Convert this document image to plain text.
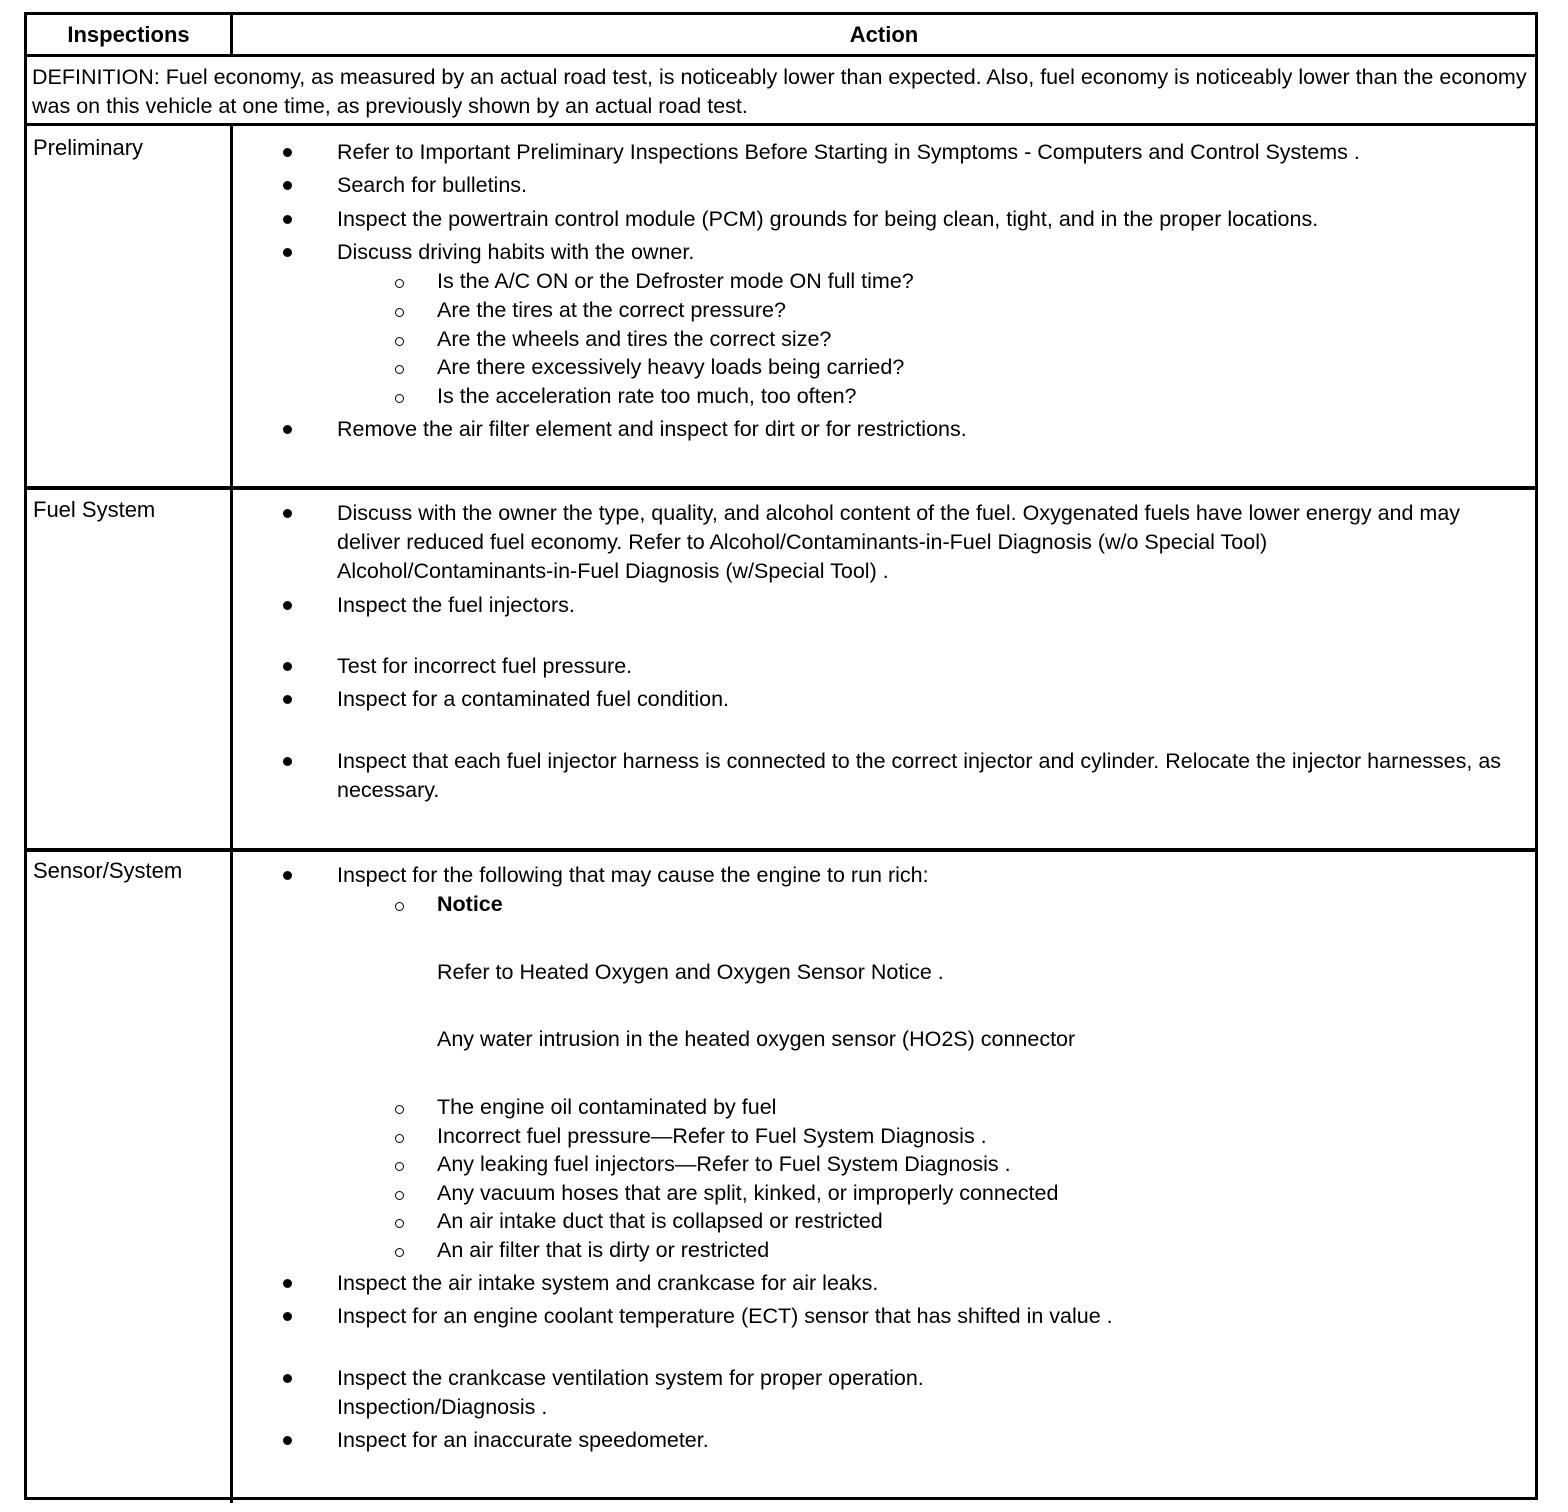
Inspections	Action
DEFINITION: Fuel economy, as measured by an actual road test, is noticeably lower than expected. Also, fuel economy is noticeably lower than the economy was on this vehicle at one time, as previously shown by an actual road test.
Preliminary	Refer to Important Preliminary Inspections Before Starting in Symptoms - Computers and Control Systems .
Search for bulletins.
Inspect the powertrain control module (PCM) grounds for being clean, tight, and in the proper locations.
Discuss driving habits with the owner.
Is the A/C ON or the Defroster mode ON full time?
Are the tires at the correct pressure?
Are the wheels and tires the correct size?
Are there excessively heavy loads being carried?
Is the acceleration rate too much, too often?
Remove the air filter element and inspect for dirt or for restrictions.
Fuel System	Discuss with the owner the type, quality, and alcohol content of the fuel. Oxygenated fuels have lower energy and may deliver reduced fuel economy. Refer to Alcohol/Contaminants-in-Fuel Diagnosis (w/o Special Tool) Alcohol/Contaminants-in-Fuel Diagnosis (w/Special Tool) .
Inspect the fuel injectors.
Test for incorrect fuel pressure.
Inspect for a contaminated fuel condition.
Inspect that each fuel injector harness is connected to the correct injector and cylinder. Relocate the injector harnesses, as necessary.
Sensor/System	Inspect for the following that may cause the engine to run rich:
Notice
Refer to Heated Oxygen and Oxygen Sensor Notice .
Any water intrusion in the heated oxygen sensor (HO2S) connector
The engine oil contaminated by fuel
Incorrect fuel pressure—Refer to Fuel System Diagnosis .
Any leaking fuel injectors—Refer to Fuel System Diagnosis .
Any vacuum hoses that are split, kinked, or improperly connected
An air intake duct that is collapsed or restricted
An air filter that is dirty or restricted
Inspect the air intake system and crankcase for air leaks.
Inspect for an engine coolant temperature (ECT) sensor that has shifted in value .
Inspect the crankcase ventilation system for proper operation.
Inspection/Diagnosis .
Inspect for an inaccurate speedometer.
